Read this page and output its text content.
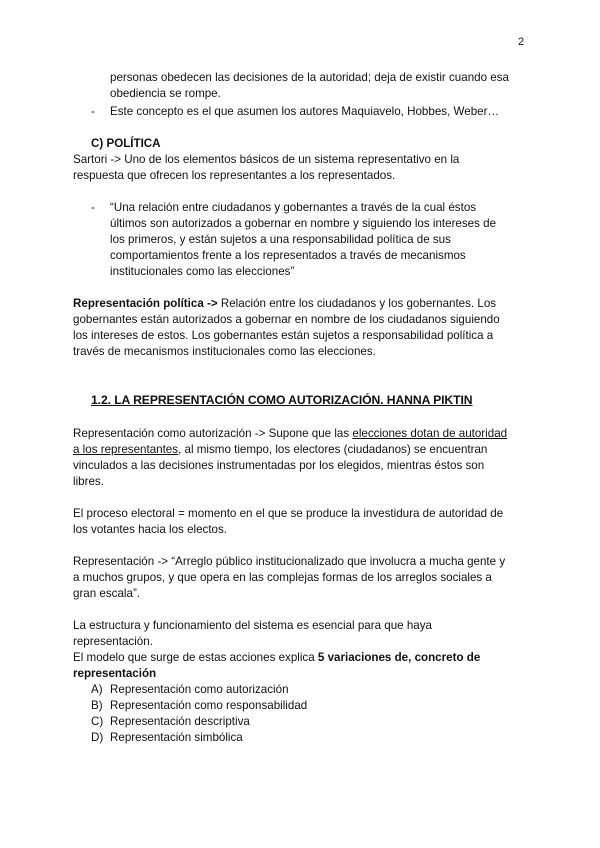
2
personas obedecen las decisiones de la autoridad; deja de existir cuando esa
obediencia se rompe.
- Este concepto es el que asumen los autores Maquiavelo, Hobbes, Weber…
C) POLÍTICA
Sartori -> Uno de los elementos básicos de un sistema representativo en la
respuesta que ofrecen los representantes a los representados.
- “Una relación entre ciudadanos y gobernantes a través de la cual éstos
últimos son autorizados a gobernar en nombre y siguiendo los intereses de
los primeros, y están sujetos a una responsabilidad política de sus
comportamientos frente a los representados a través de mecanismos
institucionales como las elecciones”
Representación política -> Relación entre los ciudadanos y los gobernantes. Los
gobernantes están autorizados a gobernar en nombre de los ciudadanos siguiendo
los intereses de estos. Los gobernantes están sujetos a responsabilidad política a
través de mecanismos institucionales como las elecciones.
1.2. LA REPRESENTACIÓN COMO AUTORIZACIÓN. HANNA PIKTIN
Representación como autorización -> Supone que las elecciones dotan de autoridad
a los representantes, al mismo tiempo, los electores (ciudadanos) se encuentran
vinculados a las decisiones instrumentadas por los elegidos, mientras éstos son
libres.
El proceso electoral = momento en el que se produce la investidura de autoridad de
los votantes hacia los electos.
Representación -> “Arreglo público institucionalizado que involucra a mucha gente y
a muchos grupos, y que opera en las complejas formas de los arreglos sociales a
gran escala”.
La estructura y funcionamiento del sistema es esencial para que haya
representación.
El modelo que surge de estas acciones explica 5 variaciones de, concreto de
representación
A) Representación como autorización
B) Representación como responsabilidad
C) Representación descriptiva
D) Representación simbólica
